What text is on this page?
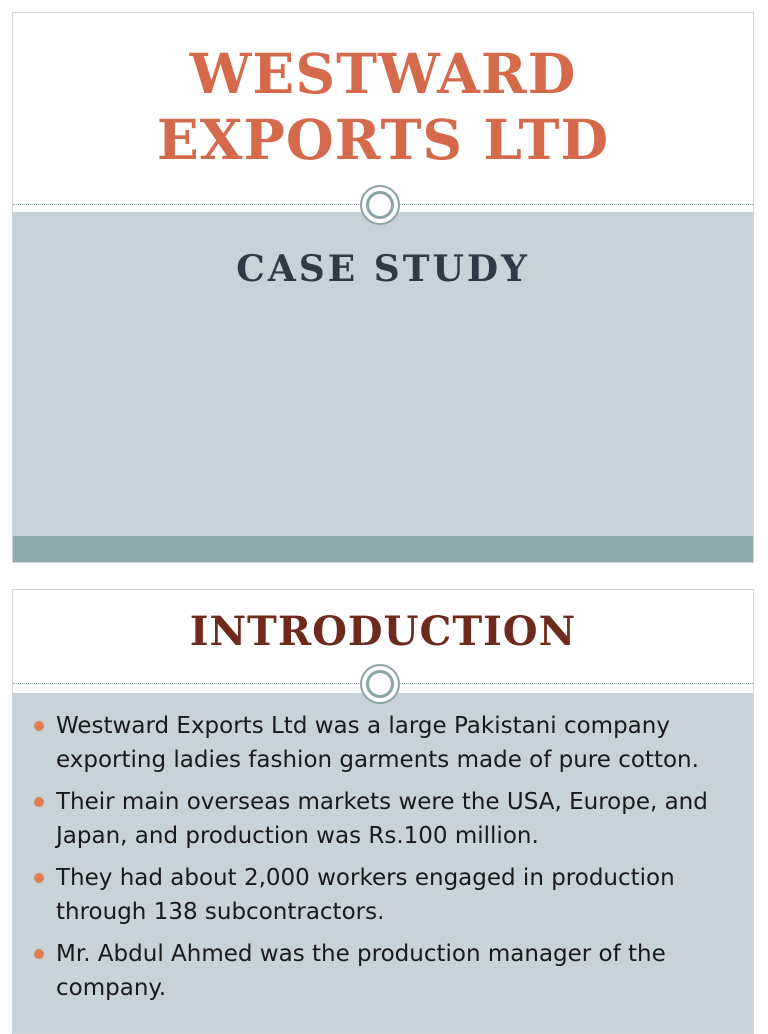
WESTWARD
EXPORTS LTD
CASE STUDY
INTRODUCTION
Westward Exports Ltd was a large Pakistani company exporting ladies fashion garments made of pure cotton.
Their main overseas markets were the USA, Europe, and Japan, and production was Rs.100 million.
They had about 2,000 workers engaged in production through 138 subcontractors.
Mr. Abdul Ahmed was the production manager of the company.
